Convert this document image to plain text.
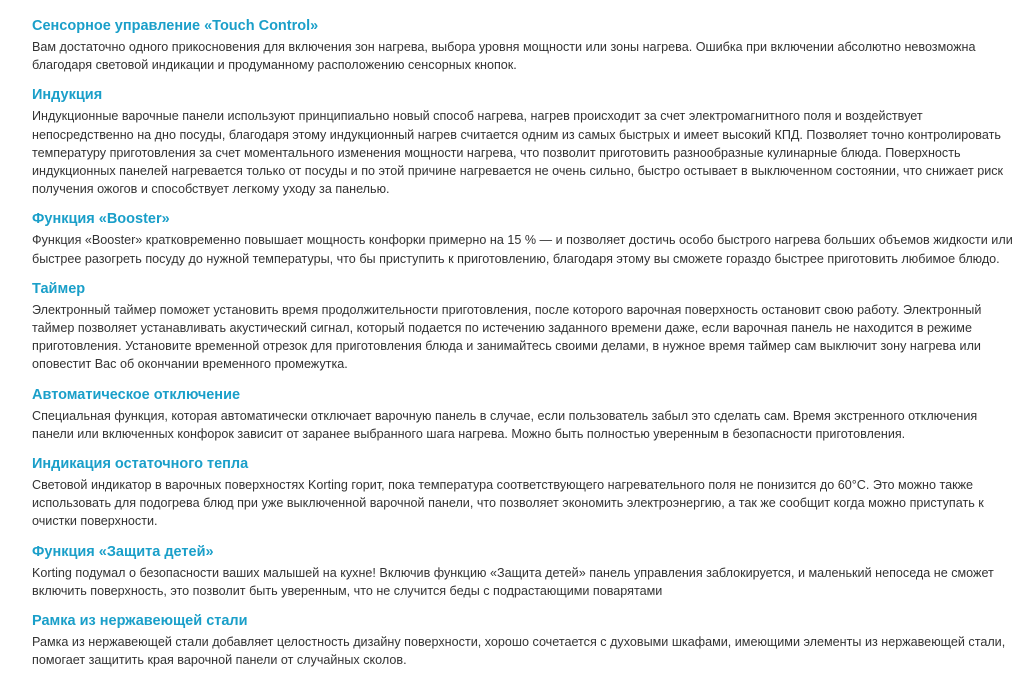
Сенсорное управление «Touch Control»

Вам достаточно одного прикосновения для включения зон нагрева, выбора уровня мощности или зоны нагрева. Ошибка при включении абсолютно невозможна благодаря световой индикации и продуманному расположению сенсорных кнопок.

Индукция

Индукционные варочные панели используют принципиально новый способ нагрева, нагрев происходит за счет электромагнитного поля и воздействует непосредственно на дно посуды, благодаря этому индукционный нагрев считается одним из самых быстрых и имеет высокий КПД. Позволяет точно контролировать температуру приготовления за счет моментального изменения мощности нагрева, что позволит приготовить разнообразные кулинарные блюда. Поверхность индукционных панелей нагревается только от посуды и по этой причине нагревается не очень сильно, быстро остывает в выключенном состоянии, что снижает риск получения ожогов и способствует легкому уходу за панелью.

Функция «Booster»

Функция «Booster» кратковременно повышает мощность конфорки примерно на 15 % — и позволяет достичь особо быстрого нагрева больших объемов жидкости или быстрее разогреть посуду до нужной температуры, что бы приступить к приготовлению, благодаря этому вы сможете гораздо быстрее приготовить любимое блюдо.

Таймер

Электронный таймер поможет установить время продолжительности приготовления, после которого варочная поверхность остановит свою работу. Электронный таймер позволяет устанавливать акустический сигнал, который подается по истечению заданного времени даже, если варочная панель не находится в режиме приготовления. Установите временной отрезок для приготовления блюда и занимайтесь своими делами, в нужное время таймер сам выключит зону нагрева или оповестит Вас об окончании временного промежутка.

Автоматическое отключение

Специальная функция, которая автоматически отключает варочную панель в случае, если пользователь забыл это сделать сам. Время экстренного отключения панели или включенных конфорок зависит от заранее выбранного шага нагрева. Можно быть полностью уверенным в безопасности приготовления.

Индикация остаточного тепла

Световой индикатор в варочных поверхностях Korting горит, пока температура соответствующего нагревательного поля не понизится до 60°C. Это можно также использовать для подогрева блюд при уже выключенной варочной панели, что позволяет экономить электроэнергию, а так же сообщит когда можно приступать к очистки поверхности.

Функция «Защита детей»

Korting подумал о безопасности ваших малышей на кухне! Включив функцию «Защита детей» панель управления заблокируется, и маленький непоседа не сможет включить поверхность, это позволит быть уверенным, что не случится беды с подрастающими поварятами

Рамка из нержавеющей стали

Рамка из нержавеющей стали добавляет целостность дизайну поверхности, хорошо сочетается с духовыми шкафами, имеющими элементы из нержавеющей стали, помогает защитить края варочной панели от случайных сколов.
